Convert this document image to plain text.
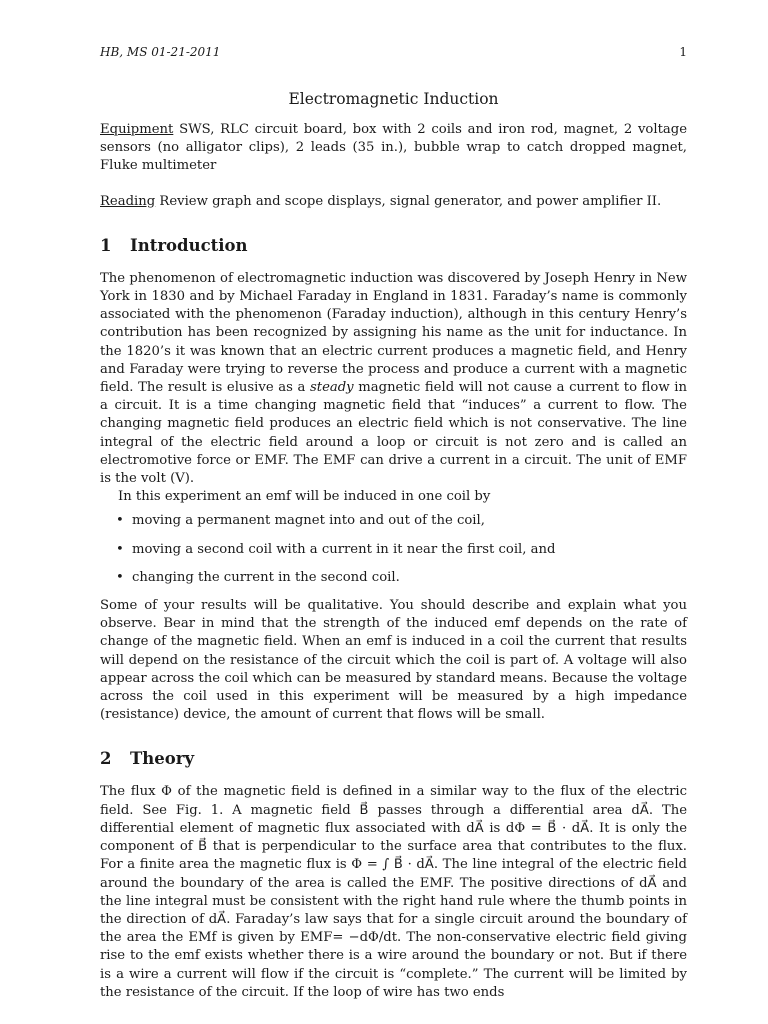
HB, MS 01-21-2011	1
Electromagnetic Induction

Equipment SWS, RLC circuit board, box with 2 coils and iron rod, magnet, 2 voltage sensors (no alligator clips), 2 leads (35 in.), bubble wrap to catch dropped magnet, Fluke multimeter

Reading Review graph and scope displays, signal generator, and power amplifier II.

1 Introduction

The phenomenon of electromagnetic induction was discovered by Joseph Henry in New York in 1830 and by Michael Faraday in England in 1831. Faraday’s name is commonly associated with the phenomenon (Faraday induction), although in this century Henry’s contribution has been recognized by assigning his name as the unit for inductance. In the 1820’s it was known that an electric current produces a magnetic field, and Henry and Faraday were trying to reverse the process and produce a current with a magnetic field. The result is elusive as a steady magnetic field will not cause a current to flow in a circuit. It is a time changing magnetic field that “induces” a current to flow. The changing magnetic field produces an electric field which is not conservative. The line integral of the electric field around a loop or circuit is not zero and is called an electromotive force or EMF. The EMF can drive a current in a circuit. The unit of EMF is the volt (V).

In this experiment an emf will be induced in one coil by

• moving a permanent magnet into and out of the coil,
• moving a second coil with a current in it near the first coil, and
• changing the current in the second coil.

Some of your results will be qualitative. You should describe and explain what you observe. Bear in mind that the strength of the induced emf depends on the rate of change of the magnetic field. When an emf is induced in a coil the current that results will depend on the resistance of the circuit which the coil is part of. A voltage will also appear across the coil which can be measured by standard means. Because the voltage across the coil used in this experiment will be measured by a high impedance (resistance) device, the amount of current that flows will be small.

2 Theory

The flux Φ of the magnetic field is defined in a similar way to the flux of the electric field. See Fig. 1. A magnetic field B⃗ passes through a differential area dA⃗. The differential element of magnetic flux associated with dA⃗ is dΦ = B⃗ · dA⃗. It is only the component of B⃗ that is perpendicular to the surface area that contributes to the flux. For a finite area the magnetic flux is Φ = ∫ B⃗ · dA⃗. The line integral of the electric field around the boundary of the area is called the EMF. The positive directions of dA⃗ and the line integral must be consistent with the right hand rule where the thumb points in the direction of dA⃗. Faraday’s law says that for a single circuit around the boundary of the area the EMf is given by EMF= −dΦ/dt. The non-conservative electric field giving rise to the emf exists whether there is a wire around the boundary or not. But if there is a wire a current will flow if the circuit is “complete.” The current will be limited by the resistance of the circuit. If the loop of wire has two ends
